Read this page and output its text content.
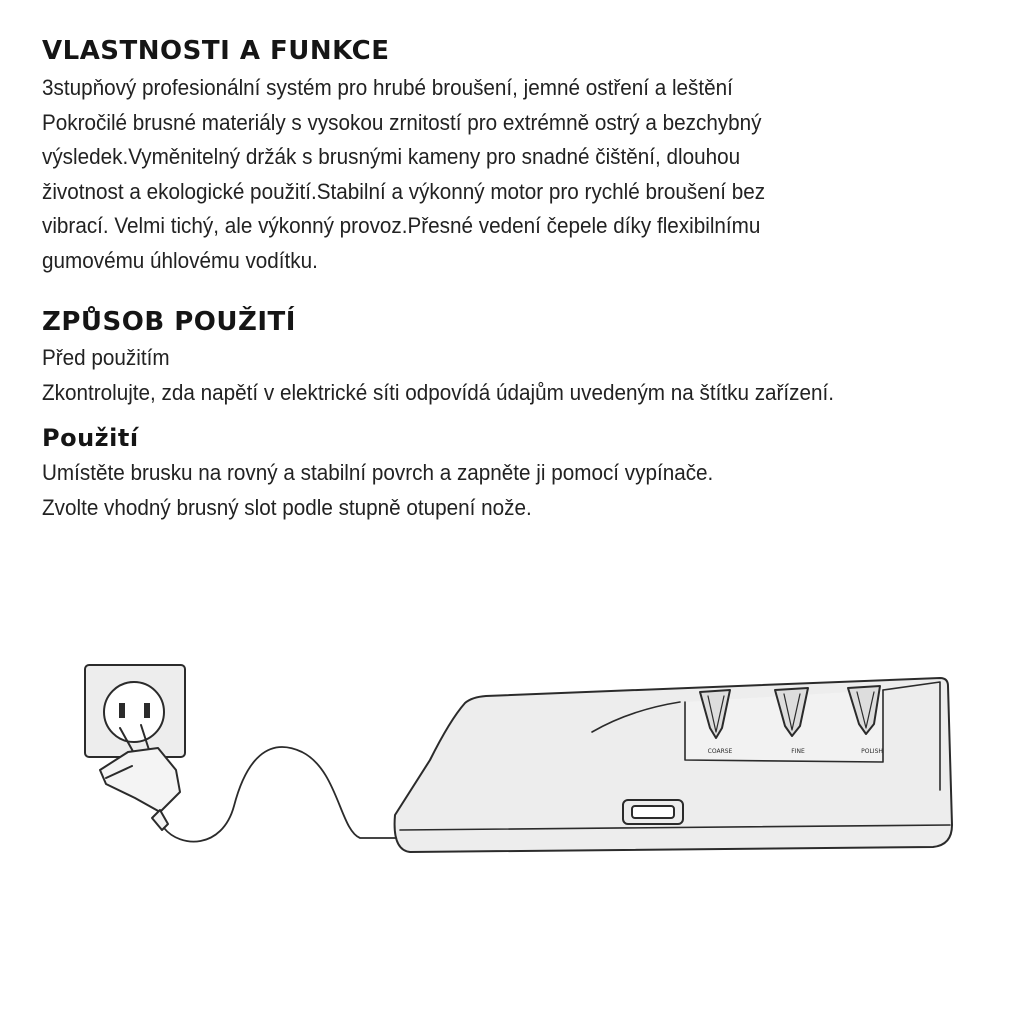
VLASTNOSTI A FUNKCE

3stupňový profesionální systém pro hrubé broušení, jemné ostření a leštění
Pokročilé brusné materiály s vysokou zrnitostí pro extrémně ostrý a bezchybný
výsledek.Vyměnitelný držák s brusnými kameny pro snadné čištění, dlouhou
životnost a ekologické použití.Stabilní a výkonný motor pro rychlé broušení bez
vibrací. Velmi tichý, ale výkonný provoz.Přesné vedení čepele díky flexibilnímu
gumovému úhlovému vodítku.

ZPŮSOB POUŽITÍ

Před použitím
Zkontrolujte, zda napětí v elektrické síti odpovídá údajům uvedeným na štítku zařízení.

Použití

Umístěte brusku na rovný a stabilní povrch a zapněte ji pomocí vypínače.
Zvolte vhodný brusný slot podle stupně otupení nože.

COARSE	FINE	POLISH
